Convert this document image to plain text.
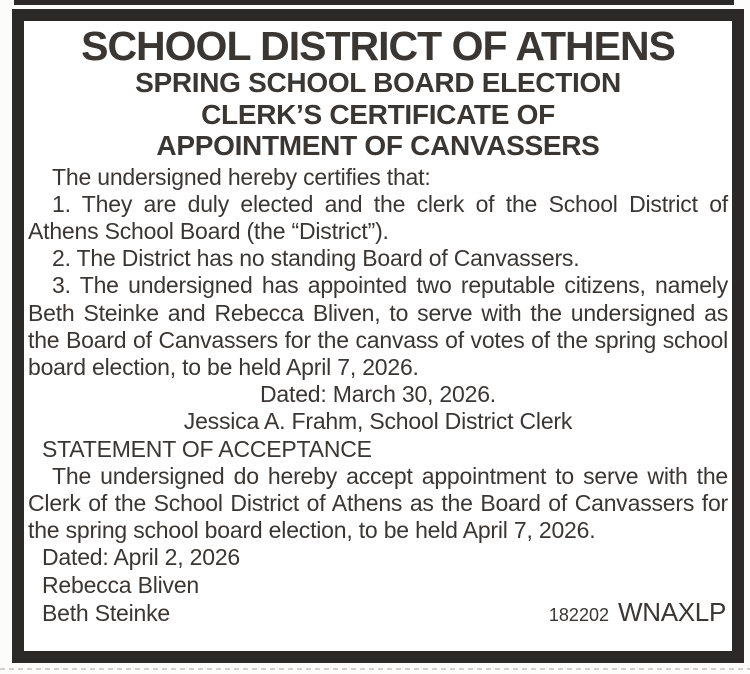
SCHOOL DISTRICT OF ATHENS
SPRING SCHOOL BOARD ELECTION
CLERK’S CERTIFICATE OF
APPOINTMENT OF CANVASSERS

The undersigned hereby certifies that:

1. They are duly elected and the clerk of the School District of Athens School Board (the “District”).

2. The District has no standing Board of Canvassers.

3. The undersigned has appointed two reputable citizens, namely Beth Steinke and Rebecca Bliven, to serve with the undersigned as the Board of Canvassers for the canvass of votes of the spring school board election, to be held April 7, 2026.

Dated: March 30, 2026.

Jessica A. Frahm, School District Clerk

STATEMENT OF ACCEPTANCE

The undersigned do hereby accept appointment to serve with the Clerk of the School District of Athens as the Board of Canvassers for the spring school board election, to be held April 7, 2026.

Dated: April 2, 2026

Rebecca Bliven

Beth Steinke	182202 WNAXLP
